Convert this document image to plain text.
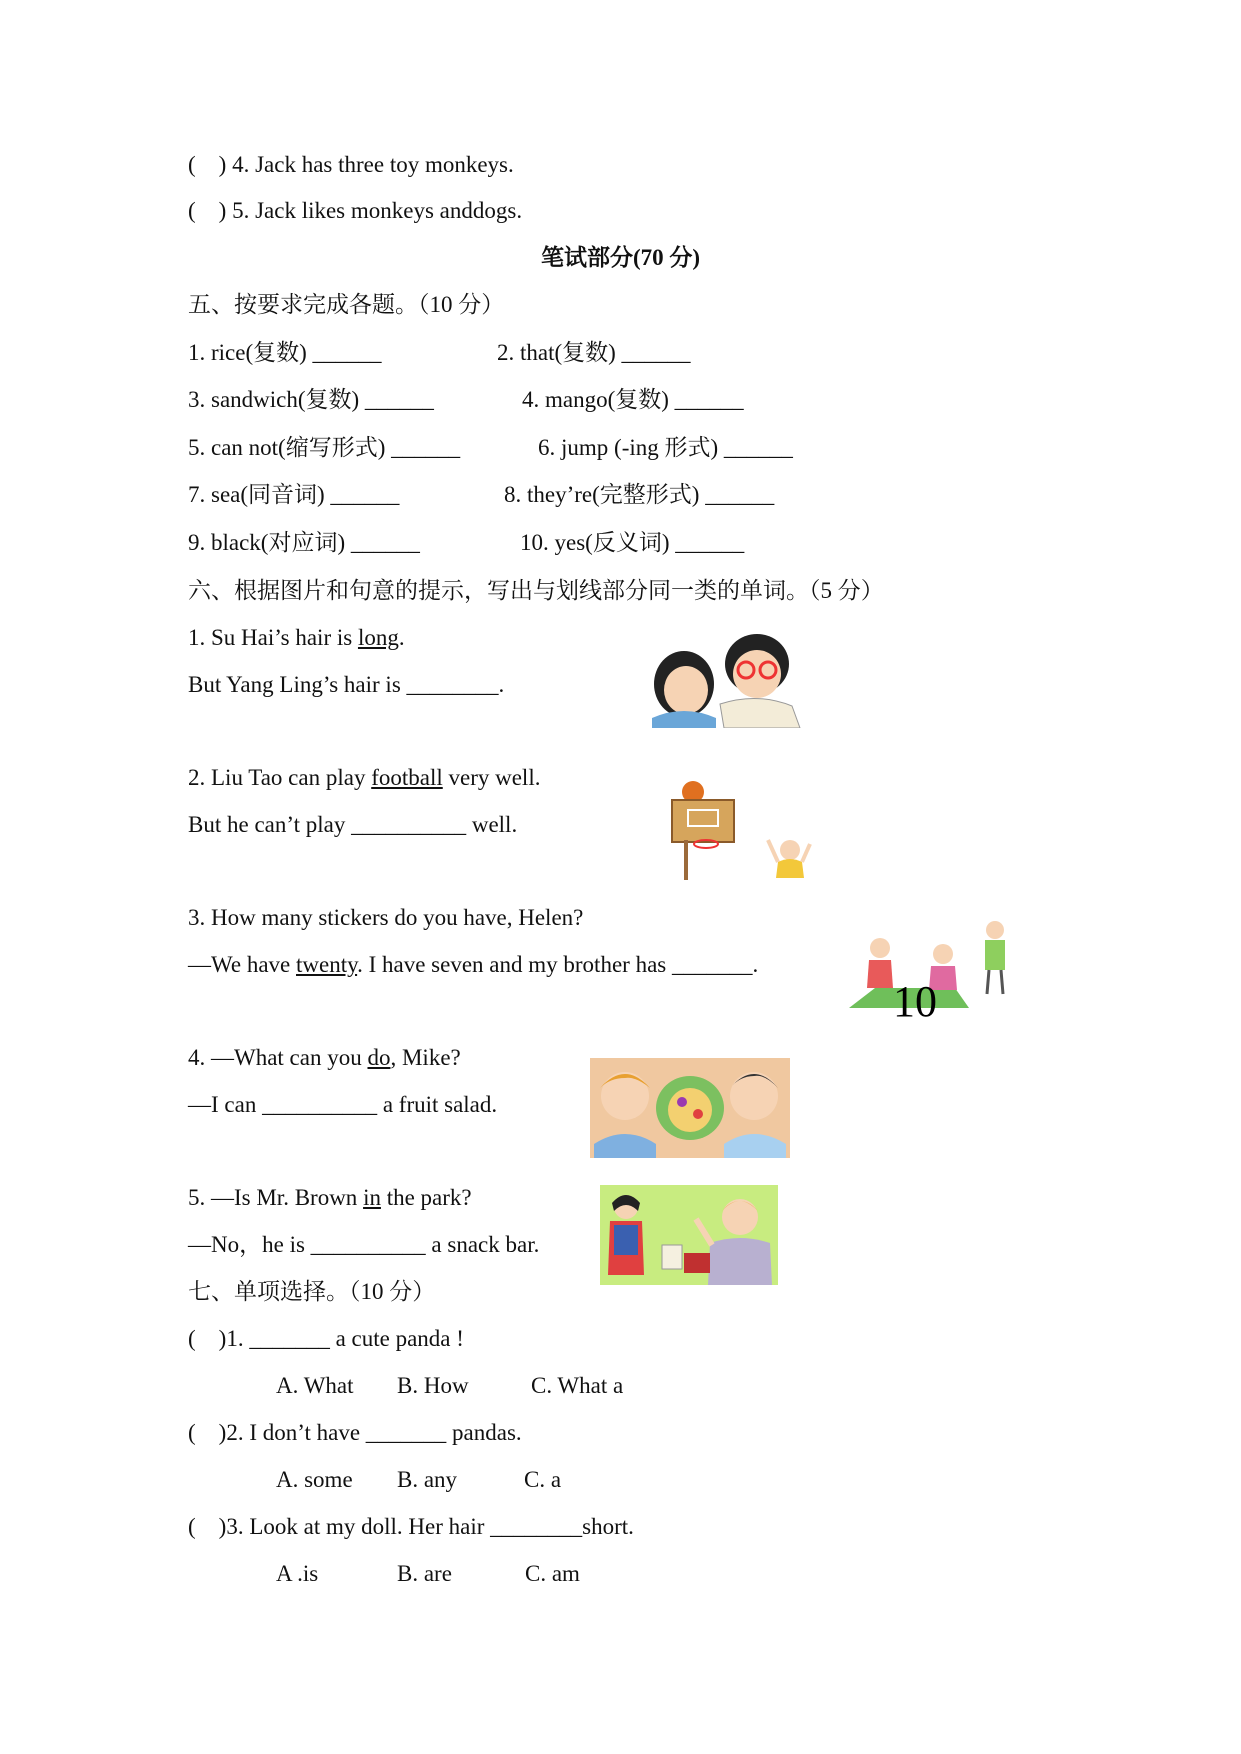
(    ) 4. Jack has three toy monkeys.
(    ) 5. Jack likes monkeys anddogs.
笔试部分(70 分)
五、按要求完成各题。（10 分）
1. rice(复数) ______	2. that(复数) ______
3. sandwich(复数) ______	4. mango(复数) ______
5. can not(缩写形式) ______	6. jump (-ing 形式) ______
7. sea(同音词) ______	8. they’re(完整形式) ______
9. black(对应词) ______	10. yes(反义词) ______
六、根据图片和句意的提示，写出与划线部分同一类的单词。（5 分）
1. Su Hai’s hair is long.
But Yang Ling’s hair is ________.
2. Liu Tao can play football very well.
But he can’t play __________ well.
3. How many stickers do you have, Helen?
—We have twenty. I have seven and my brother has _______.
10
4. —What can you do, Mike?
—I can __________ a fruit salad.
5. —Is Mr. Brown in the park?
—No，he is __________ a snack bar.
七、单项选择。（10 分）
(    )1. _______ a cute panda !
A. What B. How	C. What a
(    )2. I don’t have _______ pandas.
A. some B. any	C. a
(    )3. Look at my doll. Her hair ________short.
A .is	B. are	C. am
